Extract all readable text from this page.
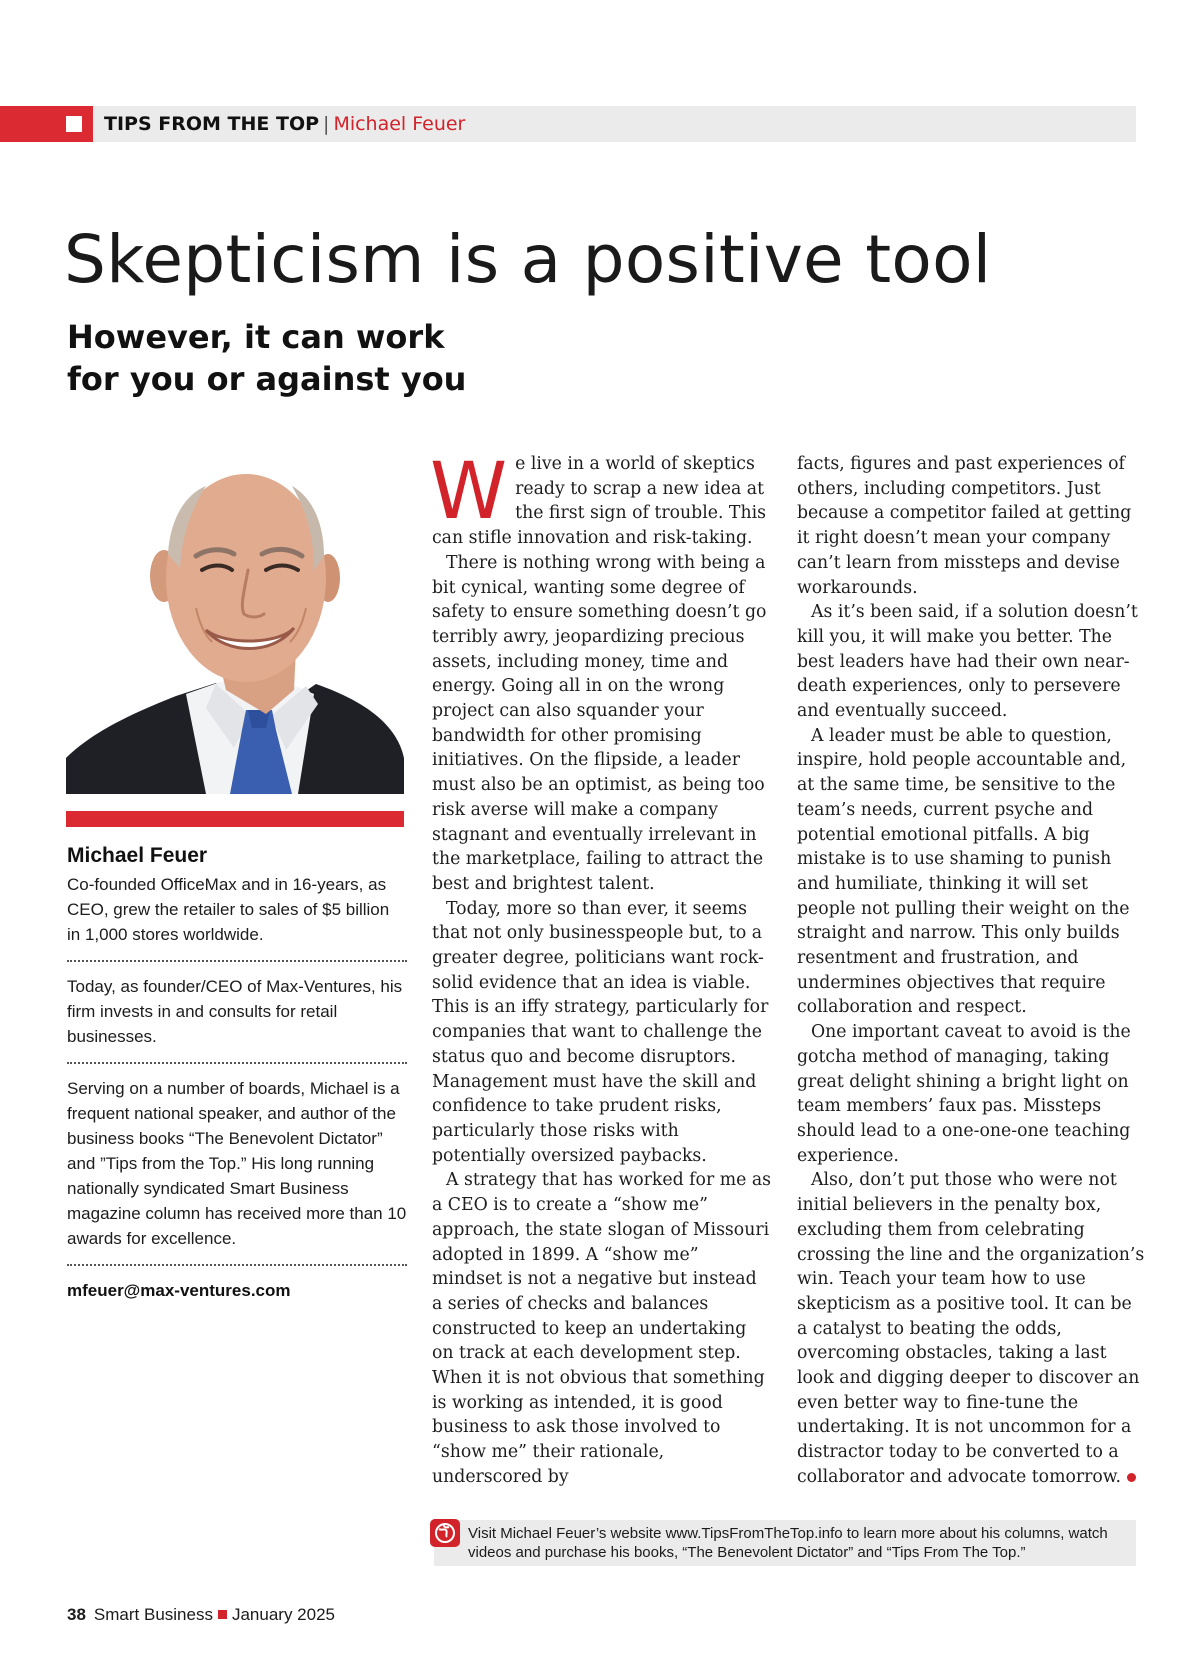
TIPS FROM THE TOP | Michael Feuer
Skepticism is a positive tool
However, it can work for you or against you

Michael Feuer

Co-founded OfficeMax and in 16-years, as CEO, grew the retailer to sales of $5 billion in 1,000 stores worldwide.

Today, as founder/CEO of Max-Ventures, his firm invests in and consults for retail businesses.

Serving on a number of boards, Michael is a frequent national speaker, and author of the business books “The Benevolent Dictator” and ”Tips from the Top.” His long running nationally syndicated Smart Business magazine column has received more than 10 awards for excellence.

mfeuer@max-ventures.com

We live in a world of skeptics ready to scrap a new idea at the first sign of trouble. This can stifle innovation and risk-taking.

There is nothing wrong with being a bit cynical, wanting some degree of safety to ensure something doesn’t go terribly awry, jeopardizing precious assets, including money, time and energy. Going all in on the wrong project can also squander your bandwidth for other promising initiatives. On the flipside, a leader must also be an optimist, as being too risk averse will make a company stagnant and eventually irrelevant in the marketplace, failing to attract the best and brightest talent.

Today, more so than ever, it seems that not only businesspeople but, to a greater degree, politicians want rock-solid evidence that an idea is viable. This is an iffy strategy, particularly for companies that want to challenge the status quo and become disruptors. Management must have the skill and confidence to take prudent risks, particularly those risks with potentially oversized paybacks.

A strategy that has worked for me as a CEO is to create a “show me” approach, the state slogan of Missouri adopted in 1899. A “show me” mindset is not a negative but instead a series of checks and balances constructed to keep an undertaking on track at each development step. When it is not obvious that something is working as intended, it is good business to ask those involved to “show me” their rationale, underscored by

facts, figures and past experiences of others, including competitors. Just because a competitor failed at getting it right doesn’t mean your company can’t learn from missteps and devise workarounds.

As it’s been said, if a solution doesn’t kill you, it will make you better. The best leaders have had their own near-death experiences, only to persevere and eventually succeed.

A leader must be able to question, inspire, hold people accountable and, at the same time, be sensitive to the team’s needs, current psyche and potential emotional pitfalls. A big mistake is to use shaming to punish and humiliate, thinking it will set people not pulling their weight on the straight and narrow. This only builds resentment and frustration, and undermines objectives that require collaboration and respect.

One important caveat to avoid is the gotcha method of managing, taking great delight shining a bright light on team members’ faux pas. Missteps should lead to a one-one-one teaching experience.

Also, don’t put those who were not initial believers in the penalty box, excluding them from celebrating crossing the line and the organization’s win. Teach your team how to use skepticism as a positive tool. It can be a catalyst to beating the odds, overcoming obstacles, taking a last look and digging deeper to discover an even better way to fine-tune the undertaking. It is not uncommon for a distractor today to be converted to a collaborator and advocate tomorrow.

Visit Michael Feuer’s website www.TipsFromTheTop.info to learn more about his columns, watch videos and purchase his books, “The Benevolent Dictator” and “Tips From The Top.”
38 Smart Business January 2025
